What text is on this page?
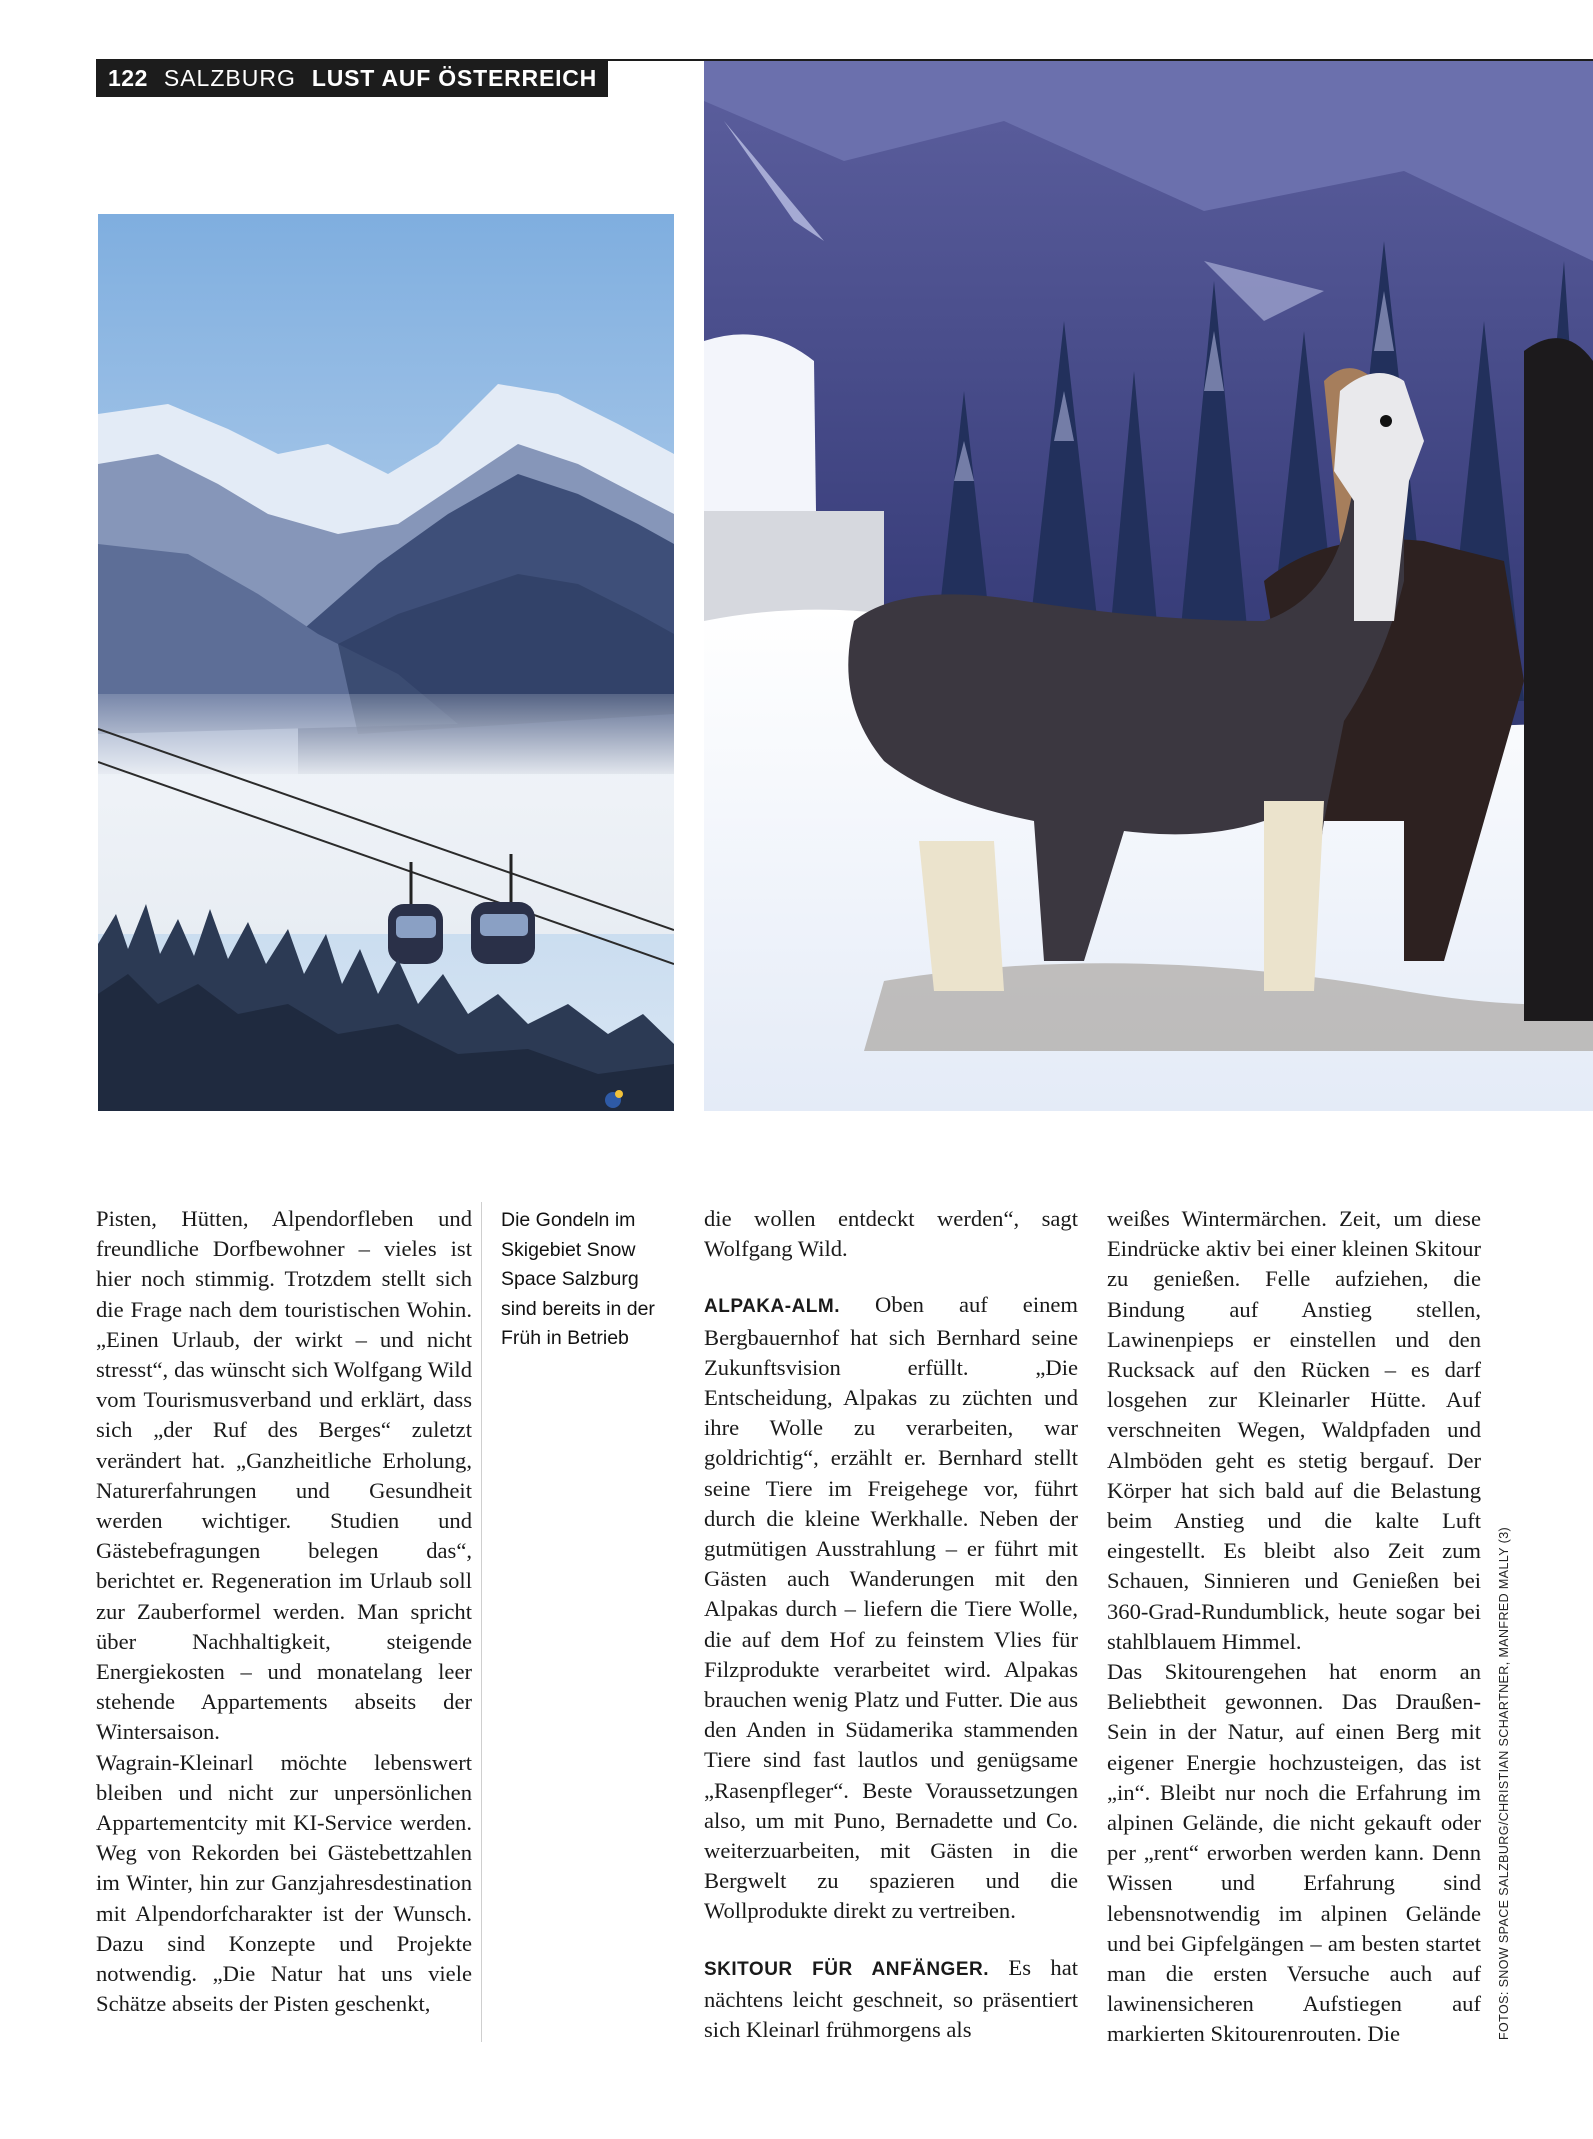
122 SALZBURG LUST AUF ÖSTERREICH

Pisten, Hütten, Alpendorfleben und freundliche Dorfbewohner – vieles ist hier noch stimmig. Trotzdem stellt sich die Frage nach dem touristischen Wohin. „Einen Urlaub, der wirkt – und nicht stresst“, das wünscht sich Wolfgang Wild vom Tourismusverband und erklärt, dass sich „der Ruf des Berges“ zuletzt verändert hat. „Ganzheitliche Erholung, Naturerfahrungen und Gesundheit werden wichtiger. Studien und Gästebefragungen belegen das“, berichtet er. Regeneration im Urlaub soll zur Zauberformel werden. Man spricht über Nachhaltigkeit, steigende Energiekosten – und monatelang leer stehende Appartements abseits der Wintersaison.

Wagrain-Kleinarl möchte lebenswert bleiben und nicht zur unpersönlichen Appartementcity mit KI-Service werden. Weg von Rekorden bei Gästebettzahlen im Winter, hin zur Ganzjahresdestination mit Alpendorfcharakter ist der Wunsch. Dazu sind Konzepte und Projekte notwendig. „Die Natur hat uns viele Schätze abseits der Pisten geschenkt,

Die Gondeln im Skigebiet Snow Space Salzburg sind bereits in der Früh in Betrieb

die wollen entdeckt werden“, sagt Wolfgang Wild.

ALPAKA-ALM. Oben auf einem Bergbauernhof hat sich Bernhard seine Zukunftsvision erfüllt. „Die Entscheidung, Alpakas zu züchten und ihre Wolle zu verarbeiten, war goldrichtig“, erzählt er. Bernhard stellt seine Tiere im Freigehege vor, führt durch die kleine Werkhalle. Neben der gutmütigen Ausstrahlung – er führt mit Gästen auch Wanderungen mit den Alpakas durch – liefern die Tiere Wolle, die auf dem Hof zu feinstem Vlies für Filzprodukte verarbeitet wird. Alpakas brauchen wenig Platz und Futter. Die aus den Anden in Südamerika stammenden Tiere sind fast lautlos und genügsame „Rasenpfleger“. Beste Voraussetzungen also, um mit Puno, Bernadette und Co. weiterzuarbeiten, mit Gästen in die Bergwelt zu spazieren und die Wollprodukte direkt zu vertreiben.

SKITOUR FÜR ANFÄNGER. Es hat nächtens leicht geschneit, so präsentiert sich Kleinarl frühmorgens als

weißes Wintermärchen. Zeit, um diese Eindrücke aktiv bei einer kleinen Skitour zu genießen. Felle aufziehen, die Bindung auf Anstieg stellen, Lawinenpieps er einstellen und den Rucksack auf den Rücken – es darf losgehen zur Kleinarler Hütte. Auf verschneiten Wegen, Waldpfaden und Almböden geht es stetig bergauf. Der Körper hat sich bald auf die Belastung beim Anstieg und die kalte Luft eingestellt. Es bleibt also Zeit zum Schauen, Sinnieren und Genießen bei 360-Grad-Rundumblick, heute sogar bei stahlblauem Himmel.

Das Skitourengehen hat enorm an Beliebtheit gewonnen. Das Draußen-Sein in der Natur, auf einen Berg mit eigener Energie hochzusteigen, das ist „in“. Bleibt nur noch die Erfahrung im alpinen Gelände, die nicht gekauft oder per „rent“ erworben werden kann. Denn Wissen und Erfahrung sind lebensnotwendig im alpinen Gelände und bei Gipfelgängen – am besten startet man die ersten Versuche auch auf lawinensicheren Aufstiegen auf markierten Skitourenrouten. Die	FOTOS: SNOW SPACE SALZBURG/CHRISTIAN SCHARTNER, MANFRED MALLY (3)
